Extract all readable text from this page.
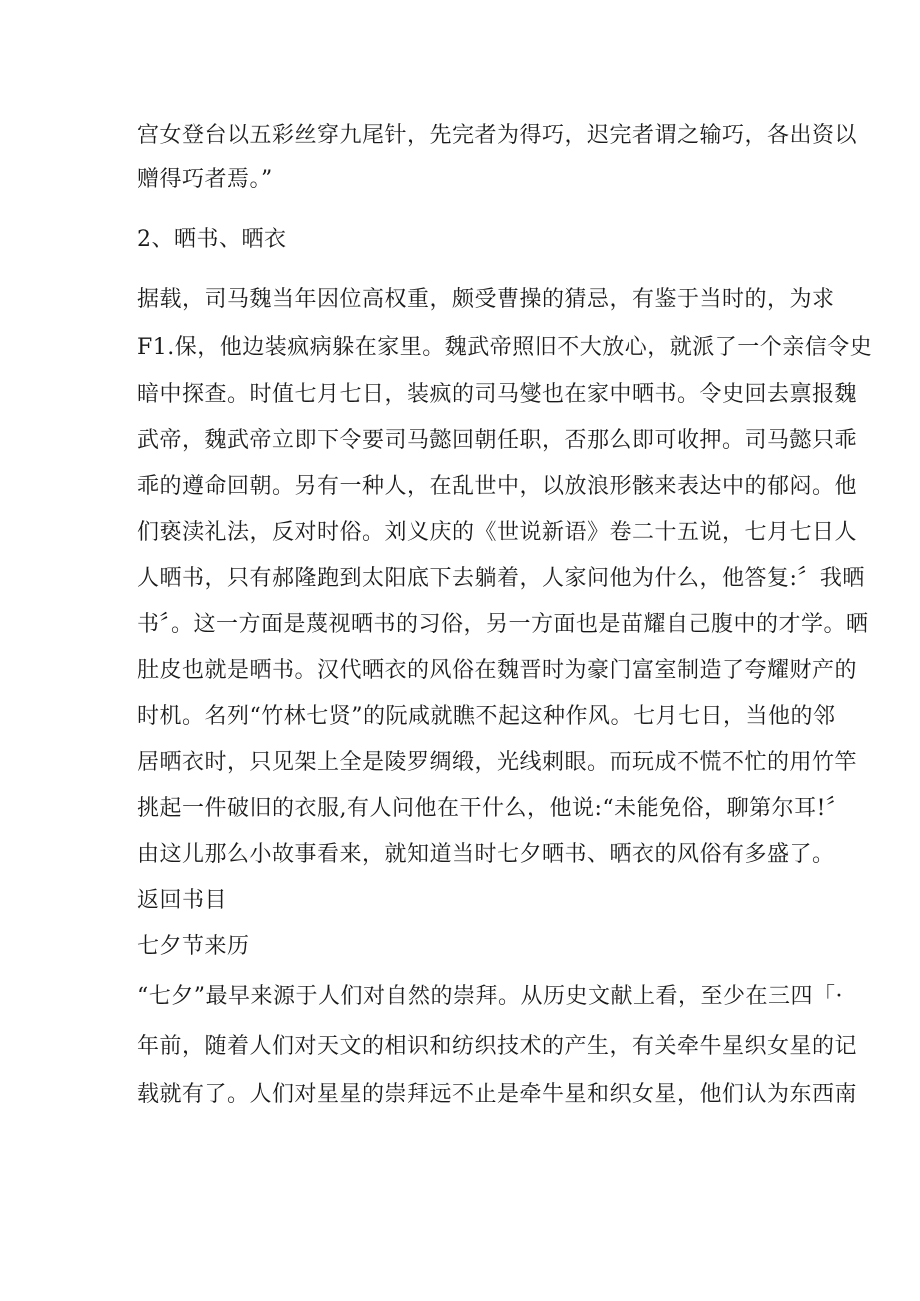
宫女登台以五彩丝穿九尾针，先完者为得巧，迟完者谓之输巧，各出资以
赠得巧者焉。”
2、晒书、晒衣
据载，司马魏当年因位高权重，颇受曹操的猜忌，有鉴于当时的，为求
F1.保，他边装疯病躲在家里。魏武帝照旧不大放心，就派了一个亲信令史
暗中探查。时值七月七日，装疯的司马燮也在家中晒书。令史回去禀报魏
武帝，魏武帝立即下令要司马懿回朝任职，否那么即可收押。司马懿只乖
乖的遵命回朝。另有一种人，在乱世中，以放浪形骸来表达中的郁闷。他
们亵渎礼法，反对时俗。刘义庆的《世说新语》卷二十五说，七月七日人
人晒书，只有郝隆跑到太阳底下去躺着，人家问他为什么，他答复:〞我晒
书〞。这一方面是蔑视晒书的习俗，另一方面也是苗耀自己腹中的才学。晒
肚皮也就是晒书。汉代晒衣的风俗在魏晋时为豪门富室制造了夸耀财产的
时机。名列“竹林七贤”的阮咸就瞧不起这种作风。七月七日，当他的邻
居晒衣时，只见架上全是陵罗绸缎，光线刺眼。而玩成不慌不忙的用竹竿
挑起一件破旧的衣服,有人问他在干什么，他说:“未能免俗，聊第尔耳!〞
由这儿那么小故事看来，就知道当时七夕晒书、晒衣的风俗有多盛了。
返回书目
七夕节来历
“七夕”最早来源于人们对自然的崇拜。从历史文献上看，至少在三四「·
年前，随着人们对天文的相识和纺织技术的产生，有关牵牛星织女星的记
载就有了。人们对星星的崇拜远不止是牵牛星和织女星，他们认为东西南
